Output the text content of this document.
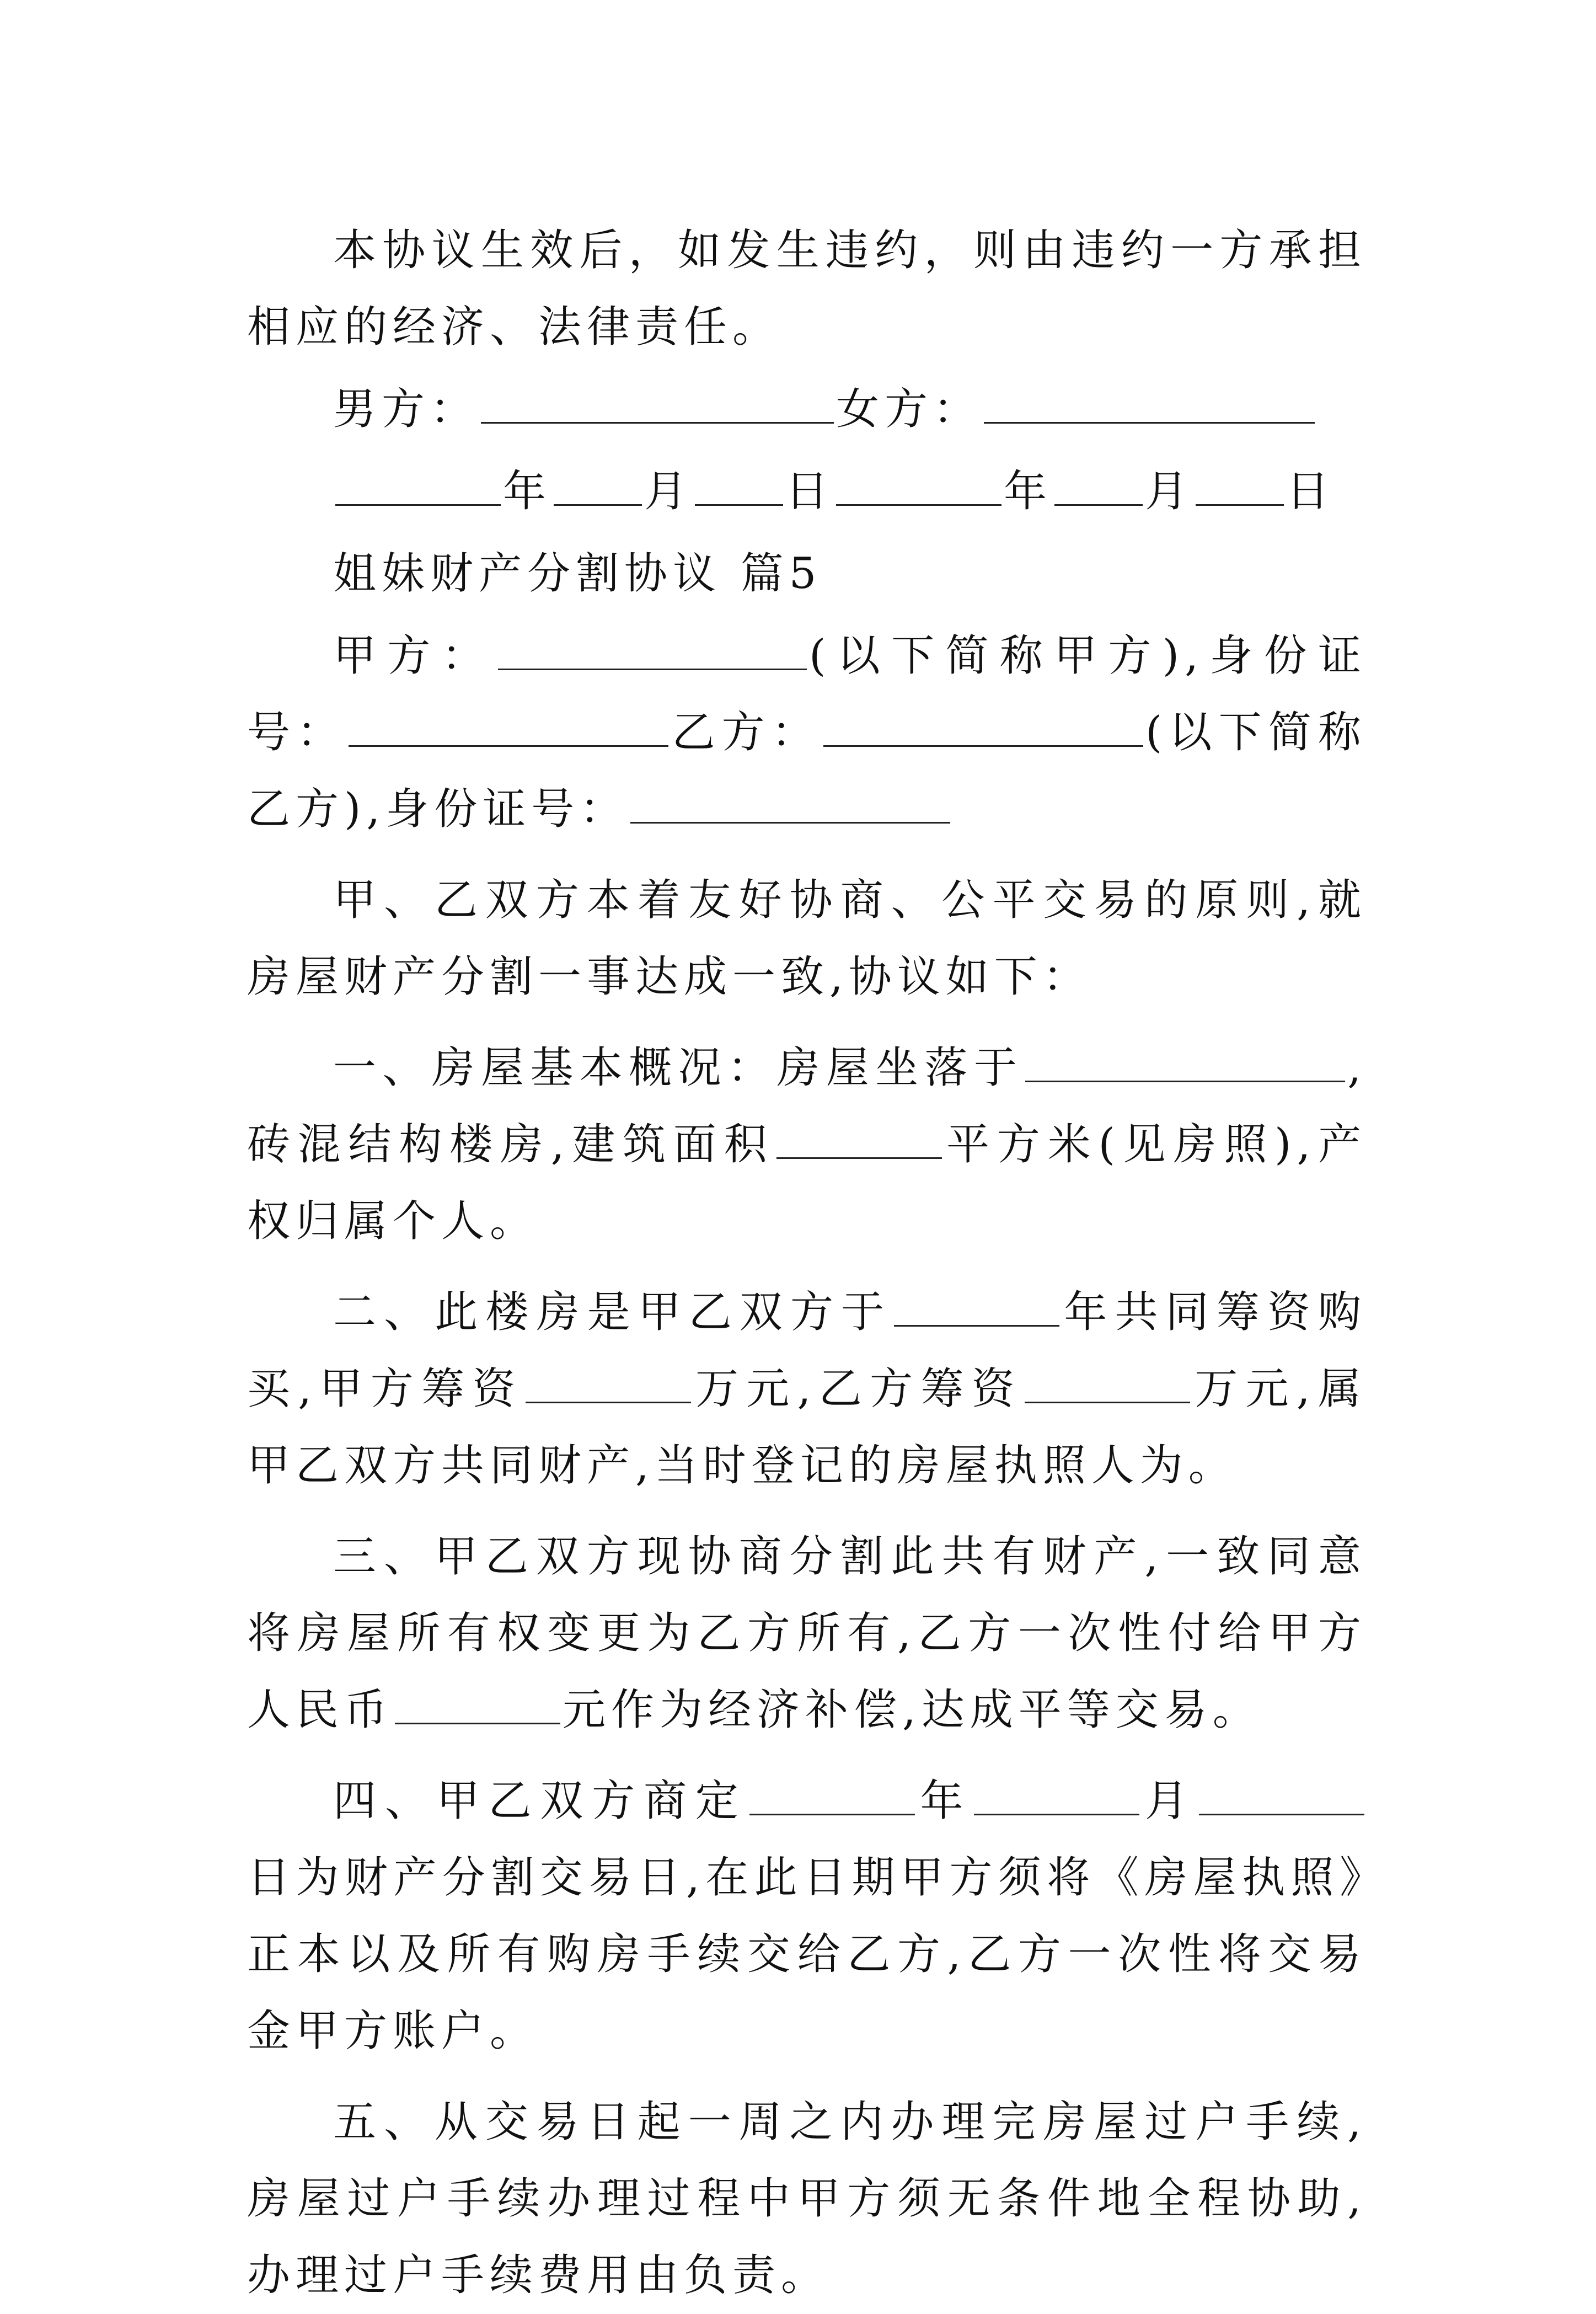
本协议生效后，如发生违约，则由违约一方承担相应的经济、法律责任。

男方：	女方：

年 月 日	年 月 日

姐妹财产分割协议 篇5

甲方：	(以下简称甲方),身份证号：	乙方：	(以下简称乙方),身份证号：

甲、乙双方本着友好协商、公平交易的原则,就房屋财产分割一事达成一致,协议如下：

一、房屋基本概况：房屋坐落于	,砖混结构楼房,建筑面积	平方米(见房照),产权归属个人。

二、此楼房是甲乙双方于	年共同筹资购买,甲方筹资	万元,乙方筹资	万元,属甲乙双方共同财产,当时登记的房屋执照人为。

三、甲乙双方现协商分割此共有财产,一致同意将房屋所有权变更为乙方所有,乙方一次性付给甲方人民币	元作为经济补偿,达成平等交易。

四、甲乙双方商定	年	月日为财产分割交易日,在此日期甲方须将《房屋执照》正本以及所有购房手续交给乙方,乙方一次性将交易金甲方账户。

五、从交易日起一周之内办理完房屋过户手续,房屋过户手续办理过程中甲方须无条件地全程协助,办理过户手续费用由负责。
